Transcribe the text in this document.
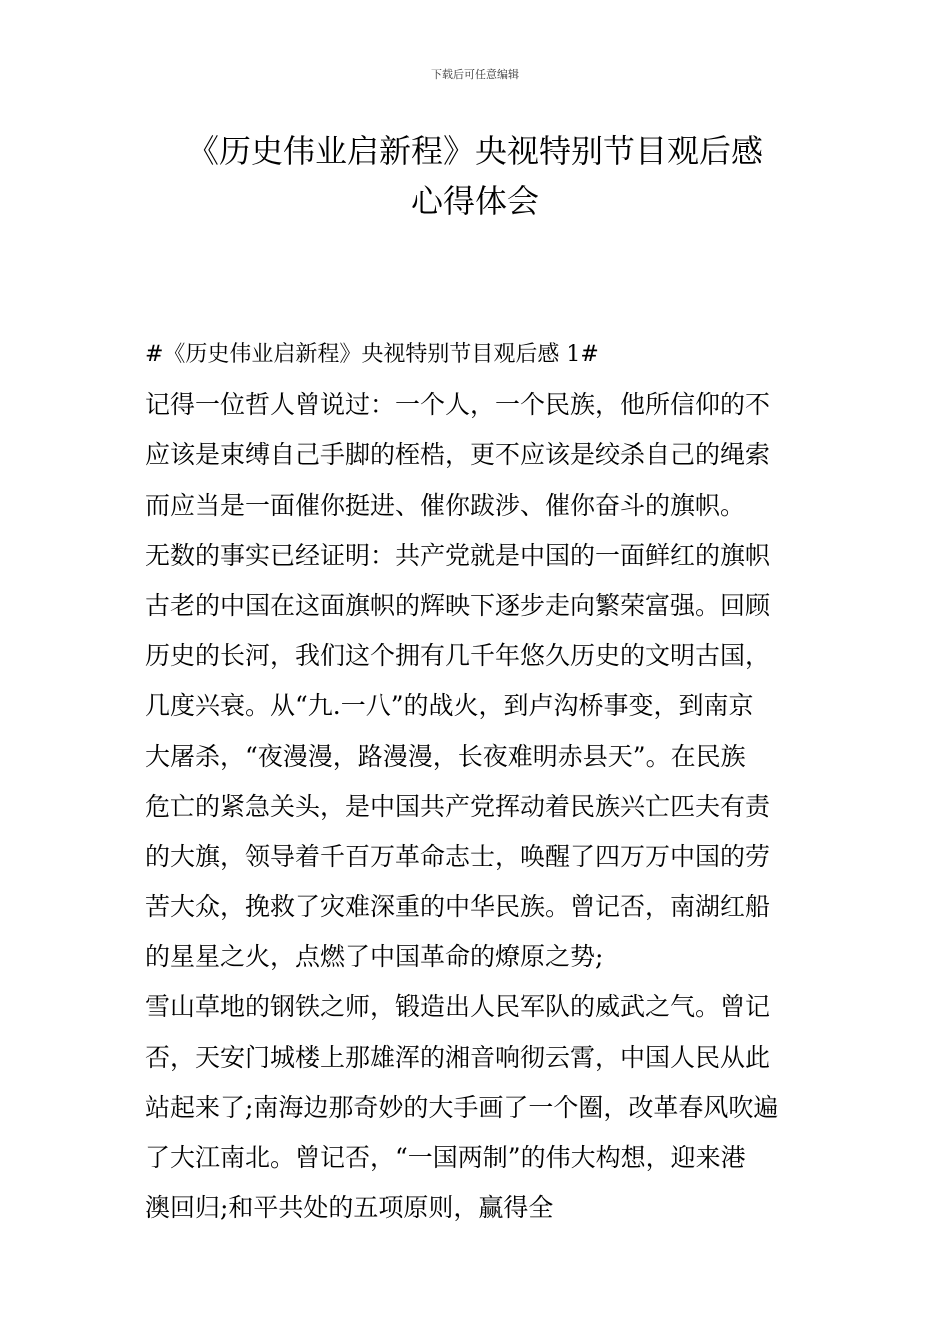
下载后可任意编辑
《历史伟业启新程》央视特别节目观后感
心得体会
#《历史伟业启新程》央视特别节目观后感 1#
记得一位哲人曾说过：一个人，一个民族，他所信仰的不
应该是束缚自己手脚的桎梏，更不应该是绞杀自己的绳索
而应当是一面催你挺进、催你跋涉、催你奋斗的旗帜。
无数的事实已经证明：共产党就是中国的一面鲜红的旗帜
古老的中国在这面旗帜的辉映下逐步走向繁荣富强。回顾
历史的长河，我们这个拥有几千年悠久历史的文明古国，
几度兴衰。从“九.一八”的战火，到卢沟桥事变，到南京
大屠杀，“夜漫漫，路漫漫，长夜难明赤县天”。在民族
危亡的紧急关头，是中国共产党挥动着民族兴亡匹夫有责
的大旗，领导着千百万革命志士，唤醒了四万万中国的劳
苦大众，挽救了灾难深重的中华民族。曾记否，南湖红船
的星星之火，点燃了中国革命的燎原之势;
雪山草地的钢铁之师，锻造出人民军队的威武之气。曾记
否，天安门城楼上那雄浑的湘音响彻云霄，中国人民从此
站起来了;南海边那奇妙的大手画了一个圈，改革春风吹遍
了大江南北。曾记否，“一国两制”的伟大构想，迎来港
澳回归;和平共处的五项原则，赢得全
